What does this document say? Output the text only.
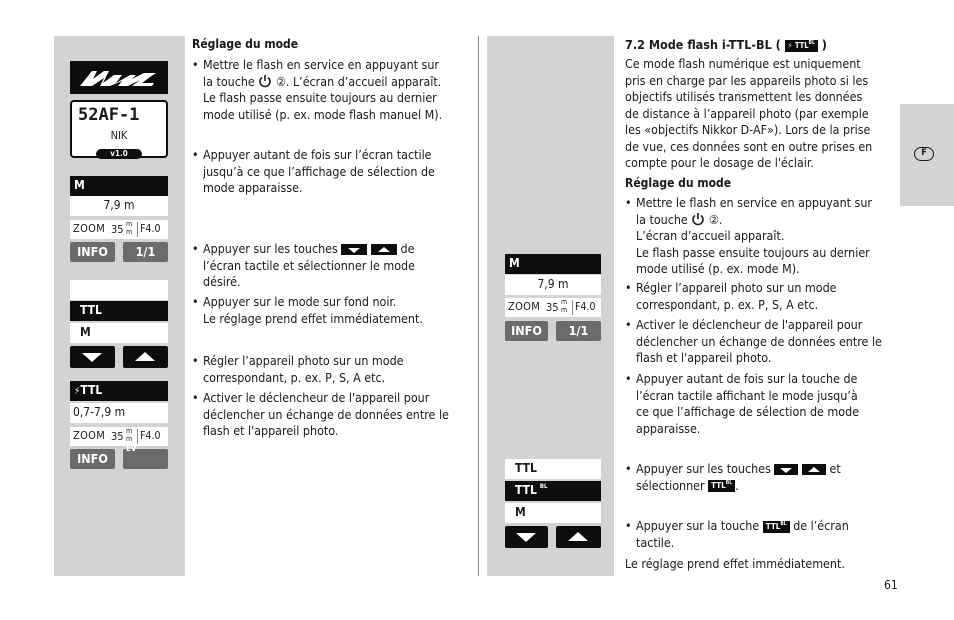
F
52AF-1
NIK
v1.0
M
7,9 m
ZOOM 35 m
m F4.0
INFO	1/1
TTL
M
⚡TTL
0,7-7,9 m
ZOOM 35 m
m F4.0
INFO
EV
Réglage du mode
• Mettre le flash en service en appuyant sur
la touche ②. L’écran d’accueil apparaît.
Le flash passe ensuite toujours au dernier
mode utilisé (p. ex. mode flash manuel M).
• Appuyer autant de fois sur l’écran tactile
jusqu’à ce que l’affichage de sélection de
mode apparaisse.
• Appuyer sur les touches
	de
l’écran tactile et sélectionner le mode
désiré.
• Appuyer sur le mode sur fond noir.
Le réglage prend effet immédiatement.
• Régler l’appareil photo sur un mode
correspondant, p. ex. P, S, A etc.
• Activer le déclencheur de l'appareil pour
déclencher un échange de données entre le
flash et l'appareil photo.
M
7,9 m
ZOOM 35 m
m F4.0
INFO	1/1
TTL
TTL $^{BL}$
M
7.2 Mode flash i-TTL-BL ( ⚡ $TTL^{BL}$ )
Ce mode flash numérique est uniquement
pris en charge par les appareils photo si les
objectifs utilisés transmettent les données
de distance à l’appareil photo (par exemple
les «objectifs Nikkor D-AF»). Lors de la prise
de vue, ces données sont en outre prises en
compte pour le dosage de l'éclair.
Réglage du mode
• Mettre le flash en service en appuyant sur
la touche ②.
L’écran d’accueil apparaît.
Le flash passe ensuite toujours au dernier
mode utilisé (p. ex. mode M).
• Régler l’appareil photo sur un mode
correspondant, p. ex. P, S, A etc.
• Activer le déclencheur de l'appareil pour
déclencher un échange de données entre le
flash et l'appareil photo.
• Appuyer autant de fois sur la touche de
l’écran tactile affichant le mode jusqu’à
ce que l’affichage de sélection de mode
apparaisse.
• Appuyer sur les touches
	et
sélectionner $TTL^{BL}$ .
• Appuyer sur la touche $TTL^{BL}$ de l’écran
tactile.
Le réglage prend effet immédiatement.
61
